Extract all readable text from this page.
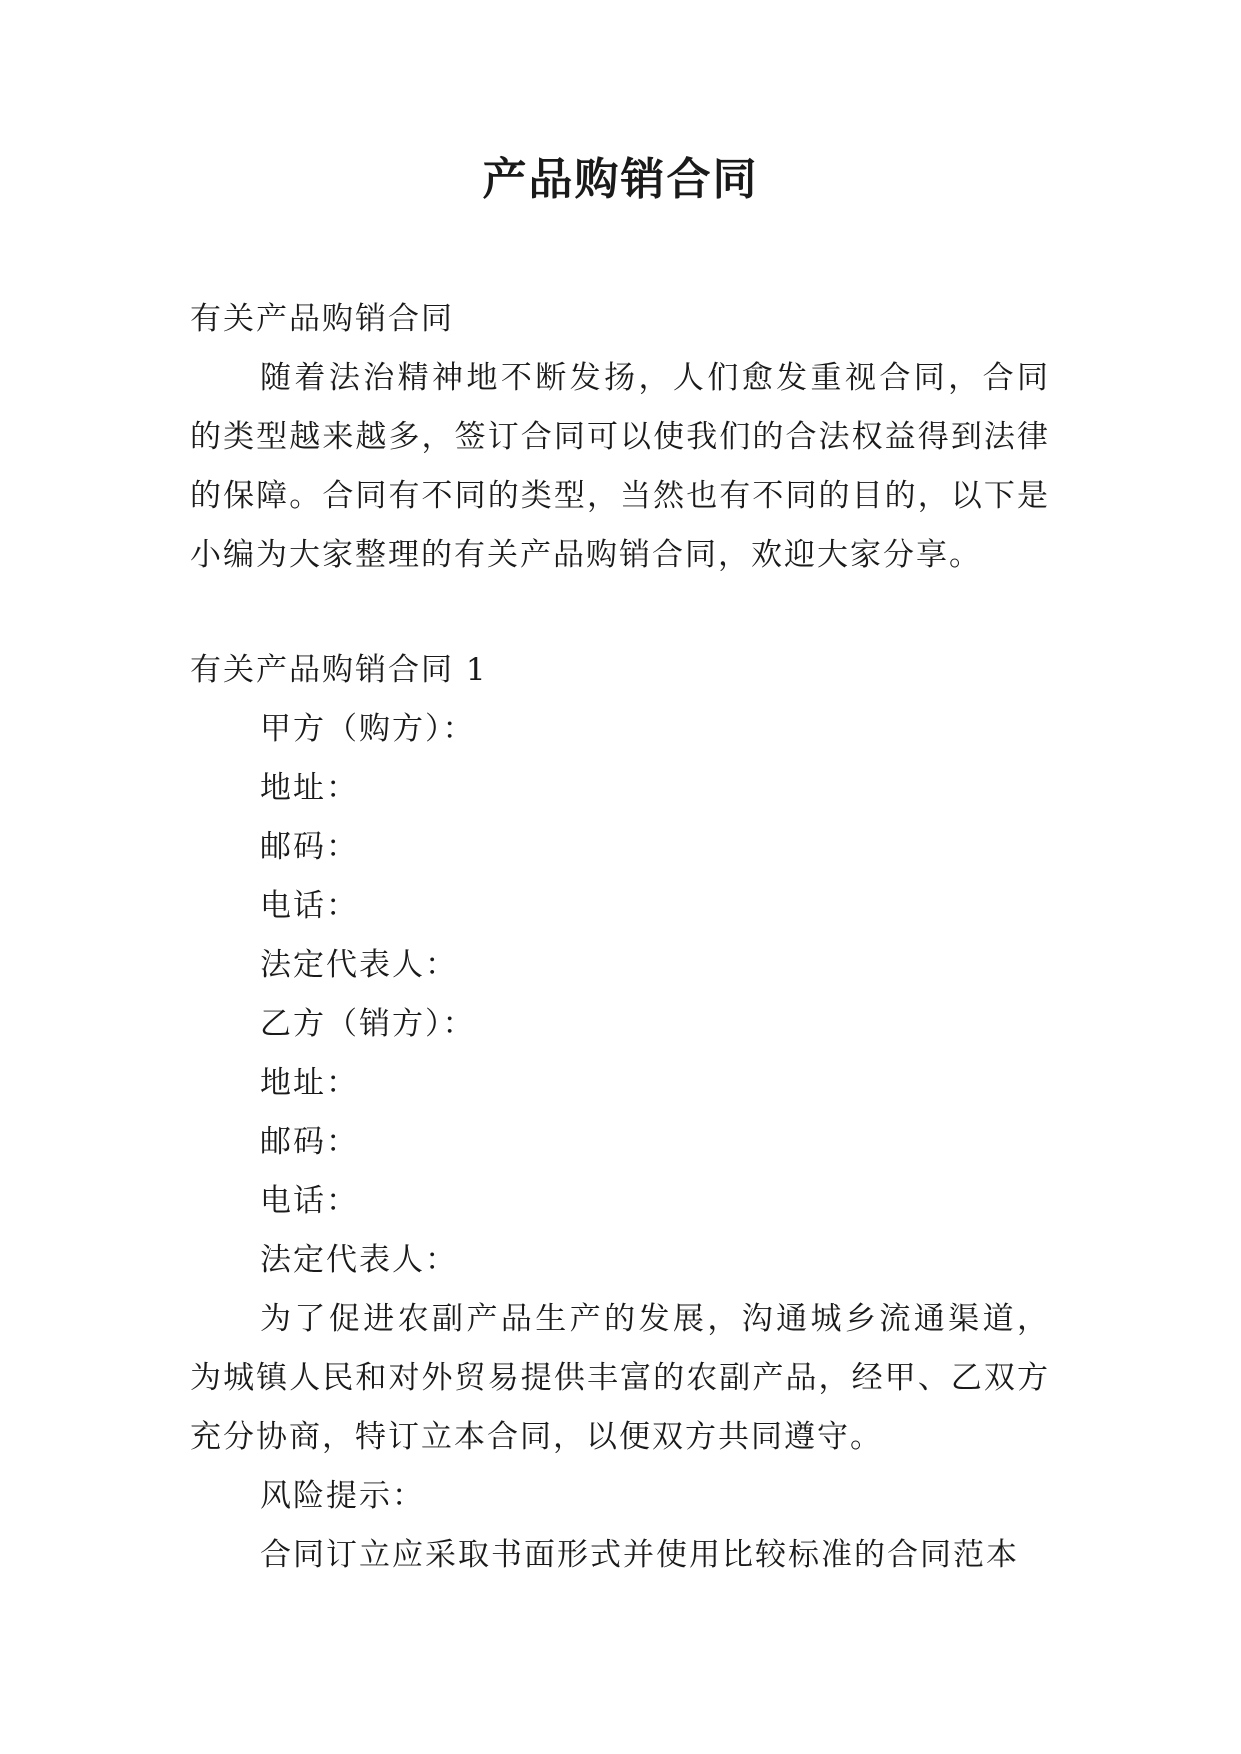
产品购销合同

有关产品购销合同

随着法治精神地不断发扬，人们愈发重视合同，合同的类型越来越多，签订合同可以使我们的合法权益得到法律的保障。合同有不同的类型，当然也有不同的目的，以下是小编为大家整理的有关产品购销合同，欢迎大家分享。

有关产品购销合同 1

甲方（购方）：

地址：

邮码：

电话：

法定代表人：

乙方（销方）：

地址：

邮码：

电话：

法定代表人：

为了促进农副产品生产的发展，沟通城乡流通渠道，为城镇人民和对外贸易提供丰富的农副产品，经甲、乙双方充分协商，特订立本合同，以便双方共同遵守。

风险提示：

合同订立应采取书面形式并使用比较标准的合同范本
